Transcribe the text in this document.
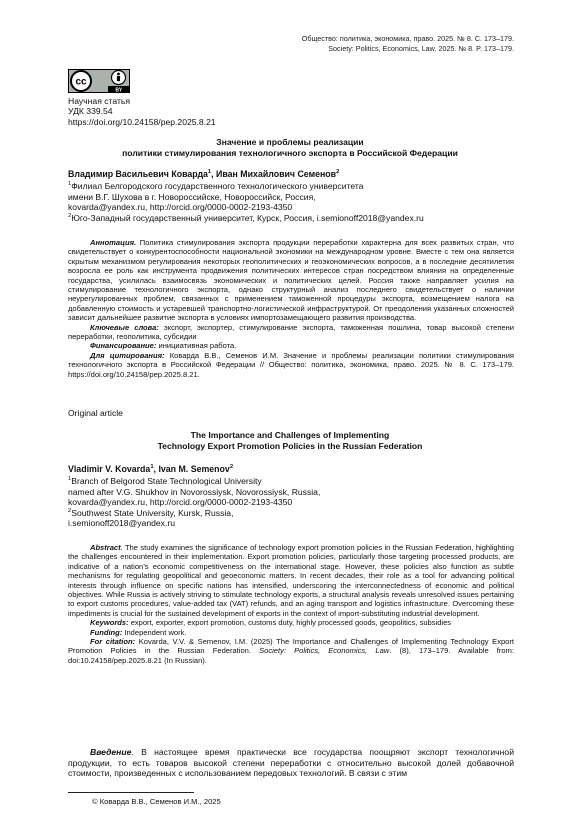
Общество: политика, экономика, право. 2025. № 8. С. 173–179.
Society: Politics, Economics, Law. 2025. № 8. P. 173–179.
cc
BY
Научная статья
УДК 339.54
https://doi.org/10.24158/pep.2025.8.21
Значение и проблемы реализации
политики стимулирования технологичного экспорта в Российской Федерации
Владимир Васильевич Коварда$^1$, Иван Михайлович Семенов$^2$
$^1$Филиал Белгородского государственного технологического университета
имени В.Г. Шухова в г. Новороссийске, Новороссийск, Россия,
kovarda@yandex.ru, http://orcid.org/0000-0002-2193-4350
$^2$Юго-Западный государственный университет, Курск, Россия, i.semionoff2018@yandex.ru

Аннотация. Политика стимулирования экспорта продукции переработки характерна для всех развитых стран, что свидетельствует о конкурентоспособности национальной экономики на международном уровне. Вместе с тем она является скрытым механизмом регулирования некоторых геополитических и геоэкономических вопросов, а в последние десятилетия возросла ее роль как инструмента продвижения политических интересов стран посредством влияния на определенные государства, усилилась взаимосвязь экономических и политических целей. Россия также направляет усилия на стимулирование технологичного экспорта, однако структурный анализ последнего свидетельствует о наличии неурегулированных проблем, связанных с применением таможенной процедуры экспорта, возмещением налога на добавленную стоимость и устаревшей транспортно-логистической инфраструктурой. От преодоления указанных сложностей зависит дальнейшее развитие экспорта в условиях импортозамещающего развития производства.

Ключевые слова: экспорт, экспортер, стимулирование экспорта, таможенная пошлина, товар высокой степени переработки, геополитика, субсидии

Финансирование: инициативная работа.

Для цитирования: Коварда В.В., Семенов И.М. Значение и проблемы реализации политики стимулирования технологичного экспорта в Российской Федерации // Общество: политика, экономика, право. 2025. № 8. С. 173–179. https://doi.org/10.24158/pep.2025.8.21.

Original article
The Importance and Challenges of Implementing
Technology Export Promotion Policies in the Russian Federation
Vladimir V. Kovarda$^1$, Ivan M. Semenov$^2$
$^1$Branch of Belgorod State Technological University
named after V.G. Shukhov in Novorossiysk, Novorossiysk, Russia,
kovarda@yandex.ru, http://orcid.org/0000-0002-2193-4350
$^2$Southwest State University, Kursk, Russia,
i.semionoff2018@yandex.ru

Abstract. The study examines the significance of technology export promotion policies in the Russian Federation, highlighting the challenges encountered in their implementation. Export promotion policies, particularly those targeting processed products, are indicative of a nation’s economic competitiveness on the international stage. However, these policies also function as subtle mechanisms for regulating geopolitical and geoeconomic matters. In recent decades, their role as a tool for advancing political interests through influence on specific nations has intensified, underscoring the interconnectedness of economic and political objectives. While Russia is actively striving to stimulate technology exports, a structural analysis reveals unresolved issues pertaining to export customs procedures, value-added tax (VAT) refunds, and an aging transport and logistics infrastructure. Overcoming these impediments is crucial for the sustained development of exports in the context of import-substituting industrial development.

Keywords: export, exporter, export promotion, customs duty, highly processed goods, geopolitics, subsidies

Funding: Independent work.

For citation: Kovarda, V.V. & Semenov, I.M. (2025) The Importance and Challenges of Implementing Technology Export Promotion Policies in the Russian Federation. Society: Politics, Economics, Law. (8), 173–179. Available from: doi:10.24158/pep.2025.8.21 (In Russian).

Введение. В настоящее время практически все государства поощряют экспорт технологичной продукции, то есть товаров высокой степени переработки с относительно высокой долей добавочной стоимости, произведенных с использованием передовых технологий. В связи с этим

© Коварда В.В., Семенов И.М., 2025
